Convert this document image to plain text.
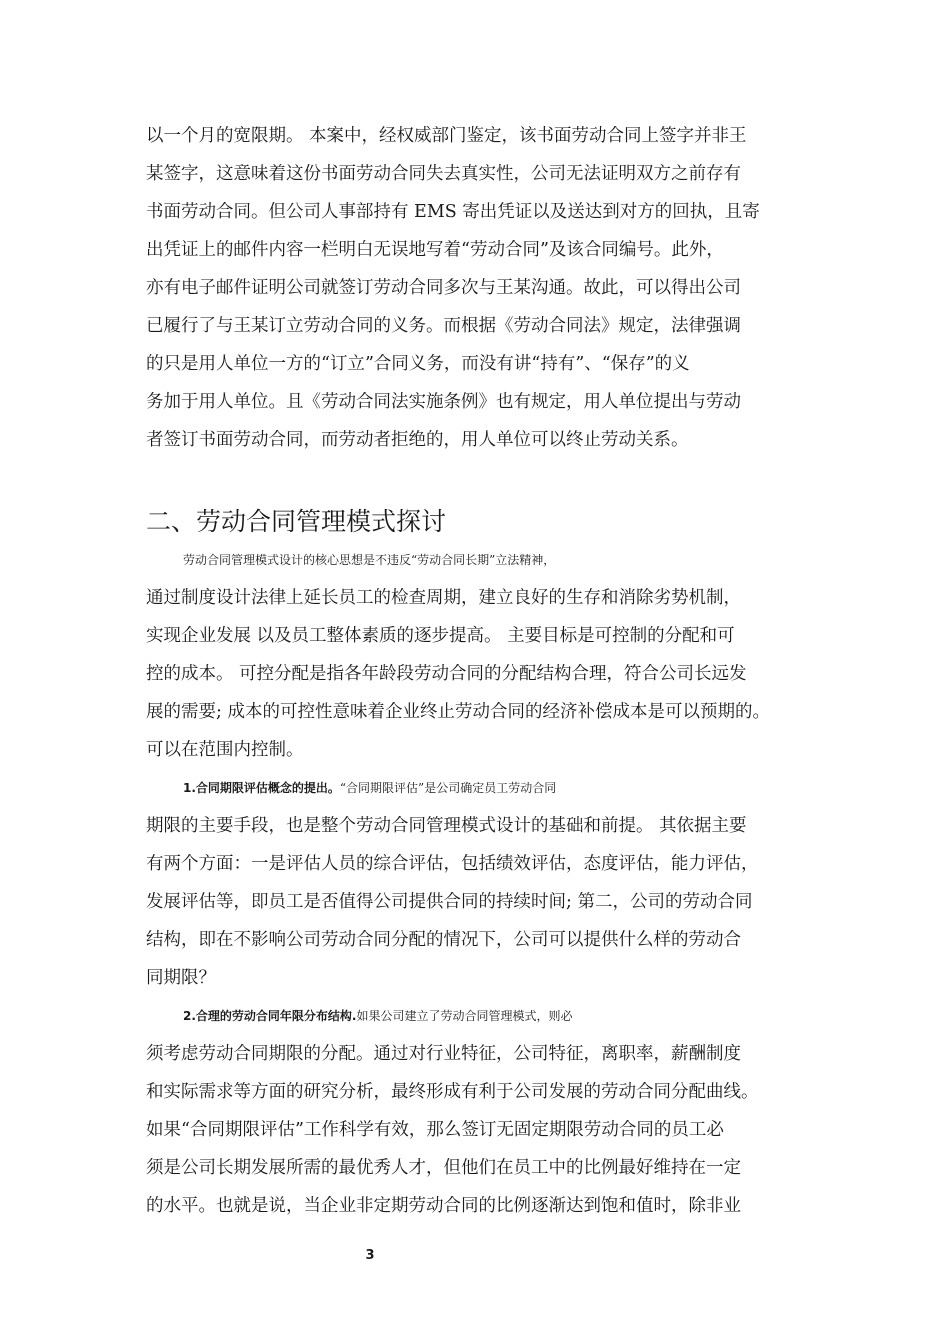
以一个月的宽限期。 本案中，经权威部门鉴定，该书面劳动合同上签字并非王

某签字，这意味着这份书面劳动合同失去真实性，公司无法证明双方之前存有

书面劳动合同。但公司人事部持有 EMS 寄出凭证以及送达到对方的回执，且寄

出凭证上的邮件内容一栏明白无误地写着“劳动合同”及该合同编号。此外，

亦有电子邮件证明公司就签订劳动合同多次与王某沟通。故此，可以得出公司

已履行了与王某订立劳动合同的义务。而根据《劳动合同法》规定，法律强调

的只是用人单位一方的“订立”合同义务，而没有讲“持有”、“保存”的义

务加于用人单位。且《劳动合同法实施条例》也有规定，用人单位提出与劳动

者签订书面劳动合同，而劳动者拒绝的，用人单位可以终止劳动关系。

二、劳动合同管理模式探讨

劳动合同管理模式设计的核心思想是不违反“劳动合同长期”立法精神，

通过制度设计法律上延长员工的检查周期，建立良好的生存和消除劣势机制，

实现企业发展 以及员工整体素质的逐步提高。 主要目标是可控制的分配和可

控的成本。 可控分配是指各年龄段劳动合同的分配结构合理，符合公司长远发

展的需要; 成本的可控性意味着企业终止劳动合同的经济补偿成本是可以预期的。

可以在范围内控制。

1.合同期限评估概念的提出。“合同期限评估”是公司确定员工劳动合同

期限的主要手段，也是整个劳动合同管理模式设计的基础和前提。 其依据主要

有两个方面：一是评估人员的综合评估，包括绩效评估，态度评估，能力评估，

发展评估等，即员工是否值得公司提供合同的持续时间; 第二，公司的劳动合同

结构，即在不影响公司劳动合同分配的情况下，公司可以提供什么样的劳动合

同期限？

2.合理的劳动合同年限分布结构.如果公司建立了劳动合同管理模式，则必

须考虑劳动合同期限的分配。通过对行业特征，公司特征，离职率，薪酬制度

和实际需求等方面的研究分析，最终形成有利于公司发展的劳动合同分配曲线。

如果“合同期限评估”工作科学有效，那么签订无固定期限劳动合同的员工必

须是公司长期发展所需的最优秀人才，但他们在员工中的比例最好维持在一定

的水平。也就是说，当企业非定期劳动合同的比例逐渐达到饱和值时，除非业

3
